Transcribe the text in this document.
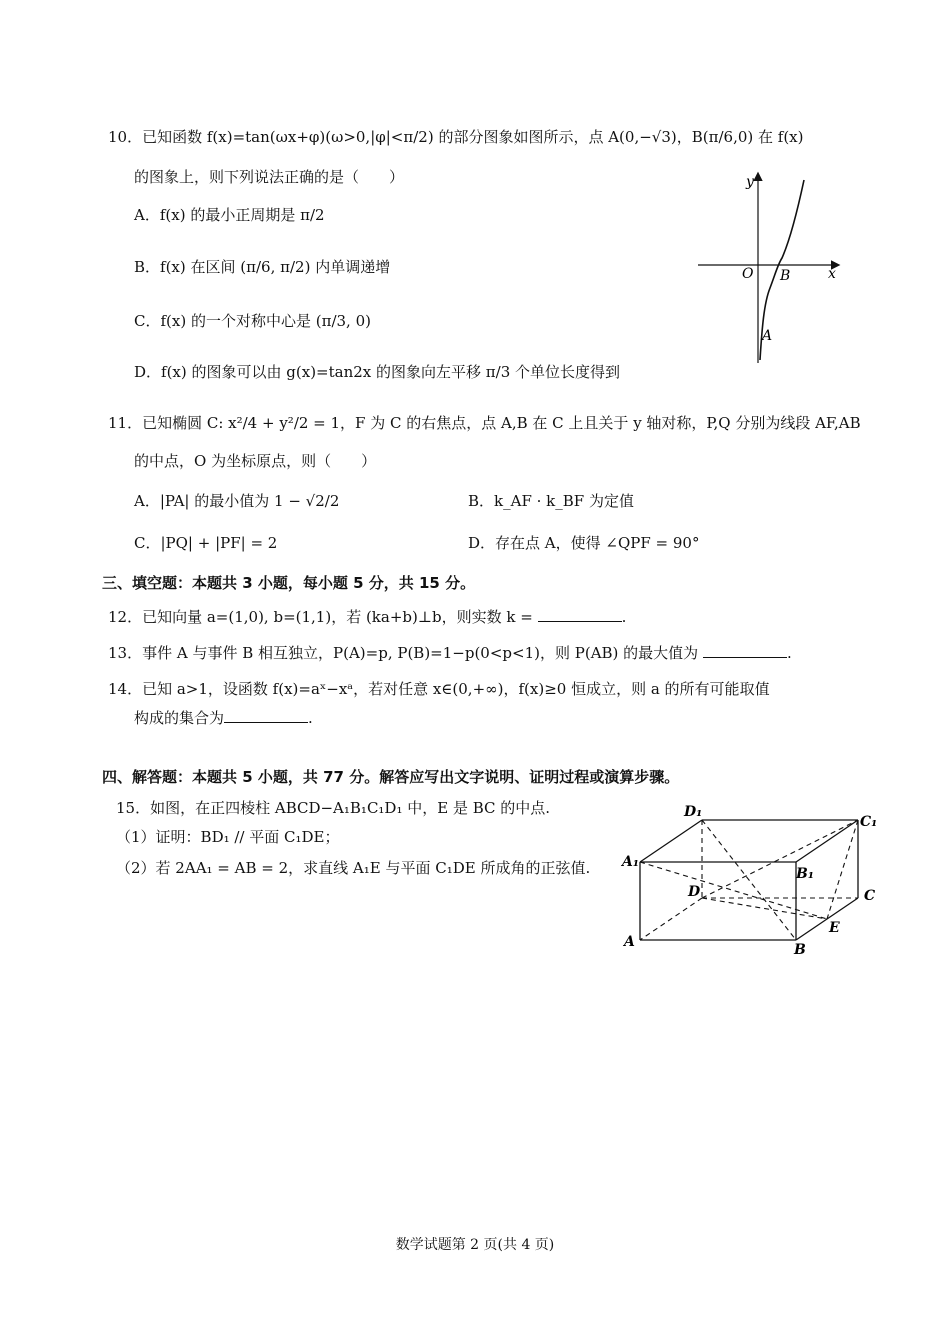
10．已知函数 f(x)=tan(ωx+φ)(ω>0,|φ|<π/2) 的部分图象如图所示，点 A(0,−√3)，B(π/6,0) 在 f(x)
的图象上，则下列说法正确的是（　　）
A．f(x) 的最小正周期是 π/2
B．f(x) 在区间 (π/6, π/2) 内单调递增
C．f(x) 的一个对称中心是 (π/3, 0)
D．f(x) 的图象可以由 g(x)=tan2x 的图象向左平移 π/3 个单位长度得到
y
x
O B
A
11．已知椭圆 C: x²/4 + y²/2 = 1，F 为 C 的右焦点，点 A,B 在 C 上且关于 y 轴对称，P,Q 分别为线段 AF,AB
的中点，O 为坐标原点，则（　　）
A．|PA| 的最小值为 1 − √2/2	B．k_AF · k_BF 为定值
C．|PQ| + |PF| = 2	D．存在点 A，使得 ∠QPF = 90°
三、填空题：本题共 3 小题，每小题 5 分，共 15 分。
12．已知向量 a=(1,0), b=(1,1)，若 (ka+b)⊥b，则实数 k =	.
13．事件 A 与事件 B 相互独立，P(A)=p, P(B)=1−p(0<p<1)，则 P(AB) 的最大值为	.
14．已知 a>1，设函数 f(x)=aˣ−xᵃ，若对任意 x∈(0,+∞)，f(x)≥0 恒成立，则 a 的所有可能取值
构成的集合为	.
四、解答题：本题共 5 小题，共 77 分。解答应写出文字说明、证明过程或演算步骤。
15．如图，在正四棱柱 ABCD−A₁B₁C₁D₁ 中，E 是 BC 的中点.
（1）证明：BD₁ // 平面 C₁DE；
（2）若 2AA₁ = AB = 2，求直线 A₁E 与平面 C₁DE 所成角的正弦值.
D₁
C₁
A₁
B₁
D	C
A	B
E
数学试题第 2 页(共 4 页)
